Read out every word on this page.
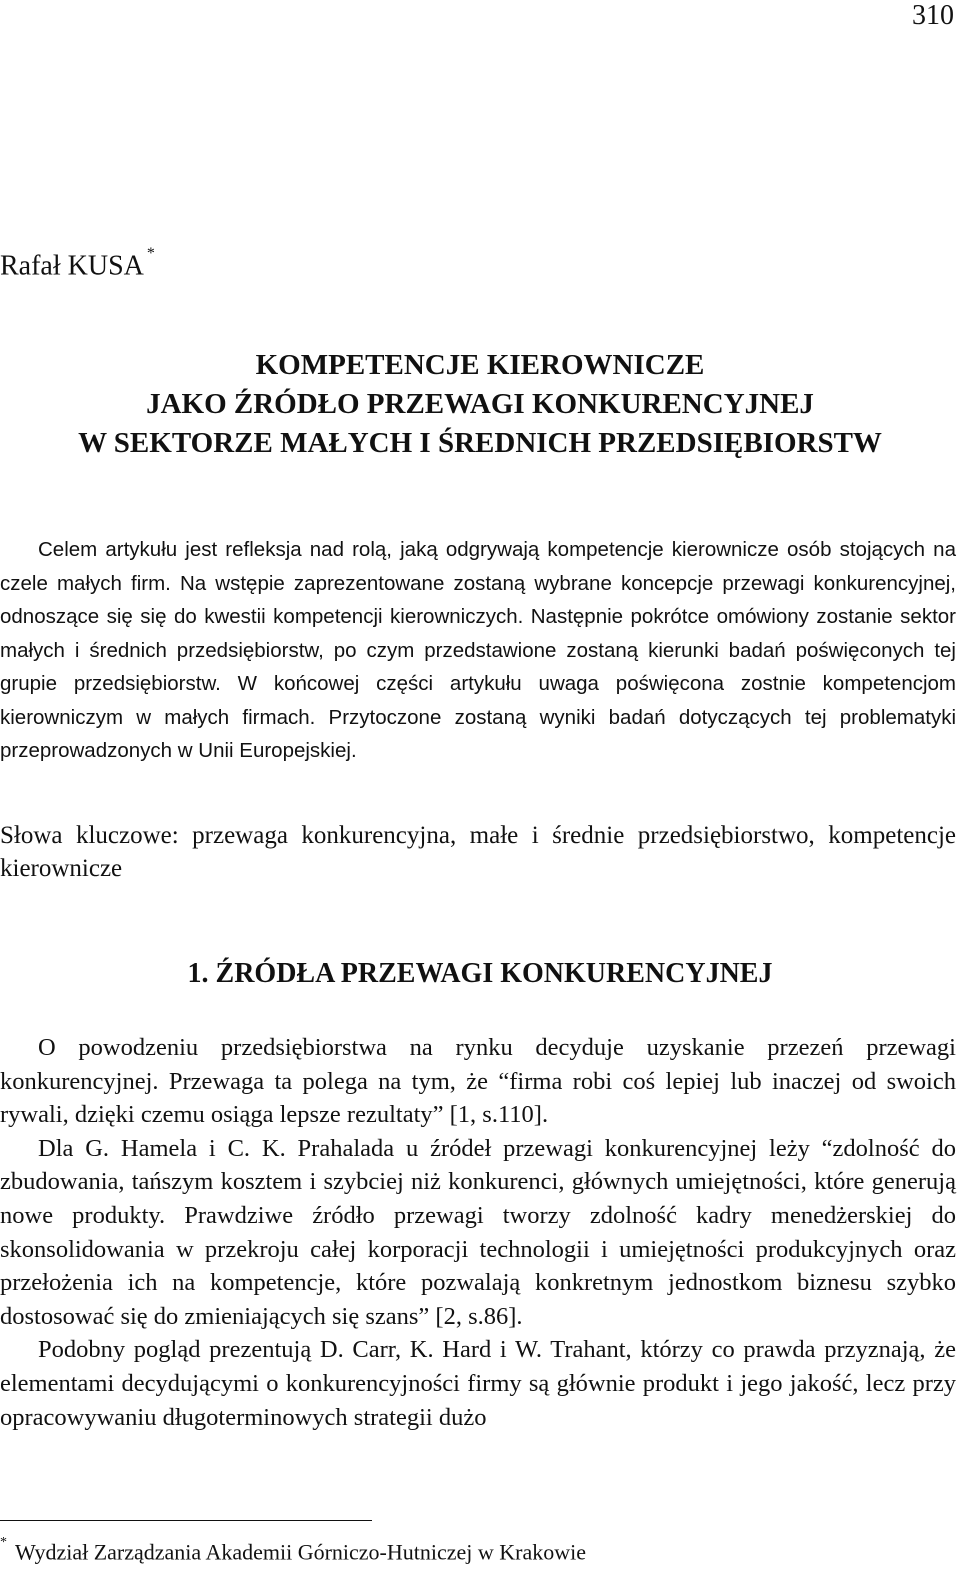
310
Rafał KUSA *
KOMPETENCJE KIEROWNICZE
JAKO ŹRÓDŁO PRZEWAGI KONKURENCYJNEJ
W SEKTORZE MAŁYCH I ŚREDNICH PRZEDSIĘBIORSTW

Celem artykułu jest refleksja nad rolą, jaką odgrywają kompetencje kierownicze osób stojących na czele małych firm. Na wstępie zaprezentowane zostaną wybrane koncepcje przewagi konkurencyjnej, odnoszące się się do kwestii kompetencji kierowniczych. Następnie pokrótce omówiony zostanie sektor małych i średnich przedsiębiorstw, po czym przedstawione zostaną kierunki badań poświęconych tej grupie przedsiębiorstw. W końcowej części artykułu uwaga poświęcona zostnie kompetencjom kierowniczym w małych firmach. Przytoczone zostaną wyniki badań dotyczących tej problematyki przeprowadzonych w Unii Europejskiej.

Słowa kluczowe: przewaga konkurencyjna, małe i średnie przedsiębiorstwo, kompetencje kierownicze

1. ŹRÓDŁA PRZEWAGI KONKURENCYJNEJ

O powodzeniu przedsiębiorstwa na rynku decyduje uzyskanie przezeń przewagi konkurencyjnej. Przewaga ta polega na tym, że “firma robi coś lepiej lub inaczej od swoich rywali, dzięki czemu osiąga lepsze rezultaty” [1, s.110].

Dla G. Hamela i C. K. Prahalada u źródeł przewagi konkurencyjnej leży “zdolność do zbudowania, tańszym kosztem i szybciej niż konkurenci, głównych umiejętności, które generują nowe produkty. Prawdziwe źródło przewagi tworzy zdolność kadry menedżerskiej do skonsolidowania w przekroju całej korporacji technologii i umiejętności produkcyjnych oraz przełożenia ich na kompetencje, które pozwalają konkretnym jednostkom biznesu szybko dostosować się do zmieniających się szans” [2, s.86].

Podobny pogląd prezentują D. Carr, K. Hard i W. Trahant, którzy co prawda przyznają, że elementami decydującymi o konkurencyjności firmy są głównie produkt i jego jakość, lecz przy opracowywaniu długoterminowych strategii dużo

* Wydział Zarządzania Akademii Górniczo-Hutniczej w Krakowie
